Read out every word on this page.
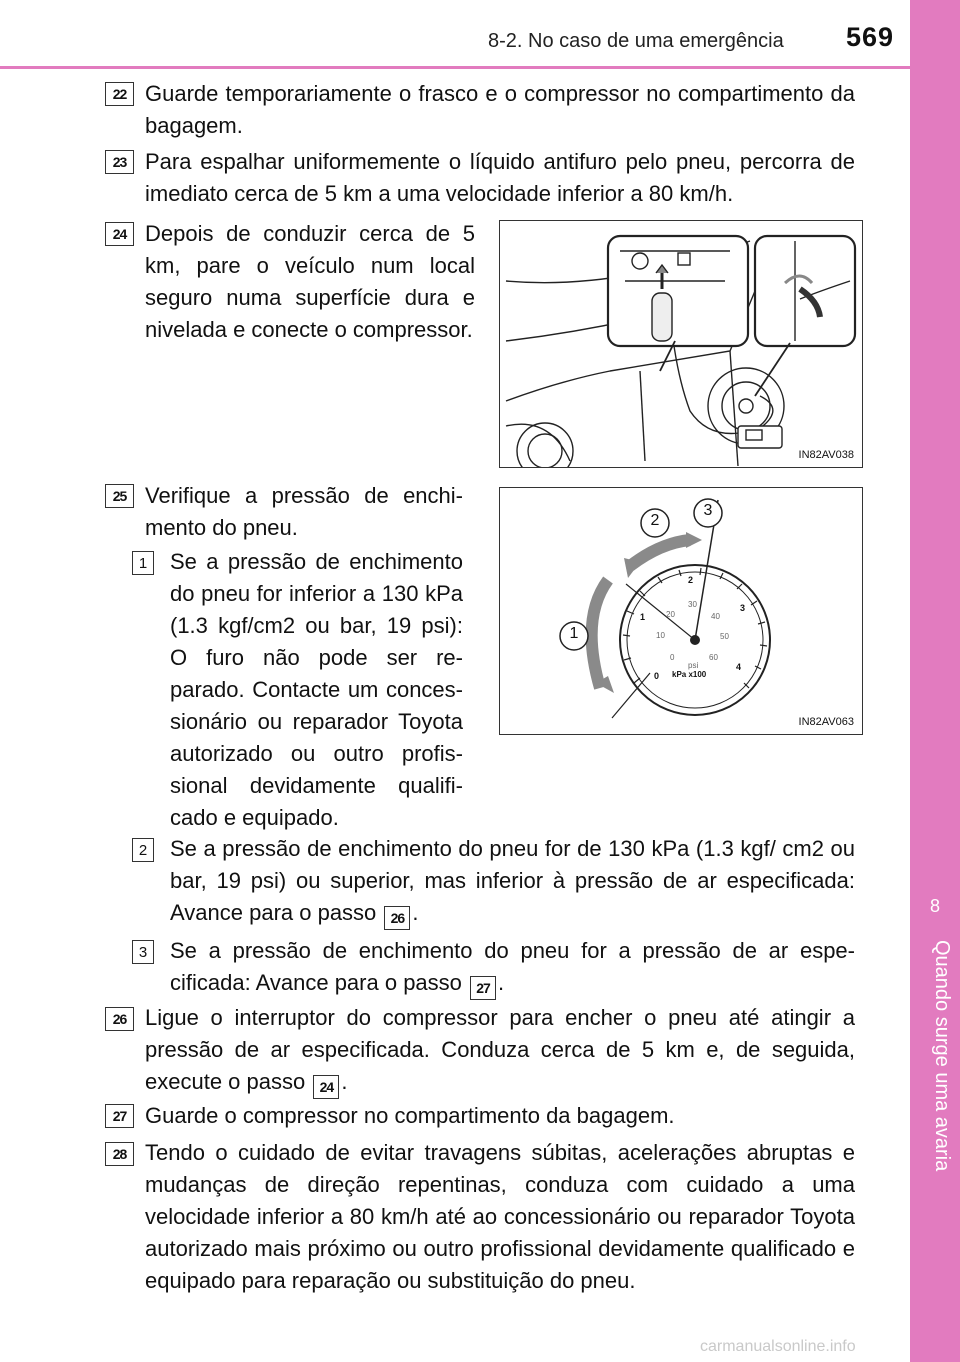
8-2. No caso de uma emergência 569
8
Quando surge uma avaria
22 Guarde temporariamente o frasco e o compressor no compartimento da bagagem.
23 Para espalhar uniformemente o líquido antifuro pelo pneu, percorra de imediato cerca de 5 km a uma velocidade inferior a 80 km/h.
24 Depois de conduzir cerca de 5 km, pare o veículo num local seguro numa superfície dura e nivelada e conecte o compressor.
IN82AV038
25 Verifique a pressão de enchimento do pneu.
1	Se a pressão de enchimento do pneu for inferior a 130 kPa (1.3 kgf/cm2 ou bar, 19 psi): O furo não pode ser reparado. Contacte um concessionário ou reparador Toyota autorizado ou outro profissional devidamente qualificado e equipado.
1
2
3
0
1
2
3
4
0
10
20
30
40
50
60
psi
kPa x100
IN82AV063
2	Se a pressão de enchimento do pneu for de 130 kPa (1.3 kgf/ cm2 ou bar, 19 psi) ou superior, mas inferior à pressão de ar especificada: Avance para o passo 26 .
3	Se a pressão de enchimento do pneu for a pressão de ar especificada: Avance para o passo 27 .
26 Ligue o interruptor do compressor para encher o pneu até atingir a pressão de ar especificada. Conduza cerca de 5 km e, de seguida, execute o passo 24 .
27 Guarde o compressor no compartimento da bagagem.
28 Tendo o cuidado de evitar travagens súbitas, acelerações abruptas e mudanças de direção repentinas, conduza com cuidado a uma velocidade inferior a 80 km/h até ao concessionário ou reparador Toyota autorizado mais próximo ou outro profissional devidamente qualificado e equipado para reparação ou substituição do pneu.
carmanualsonline.info
